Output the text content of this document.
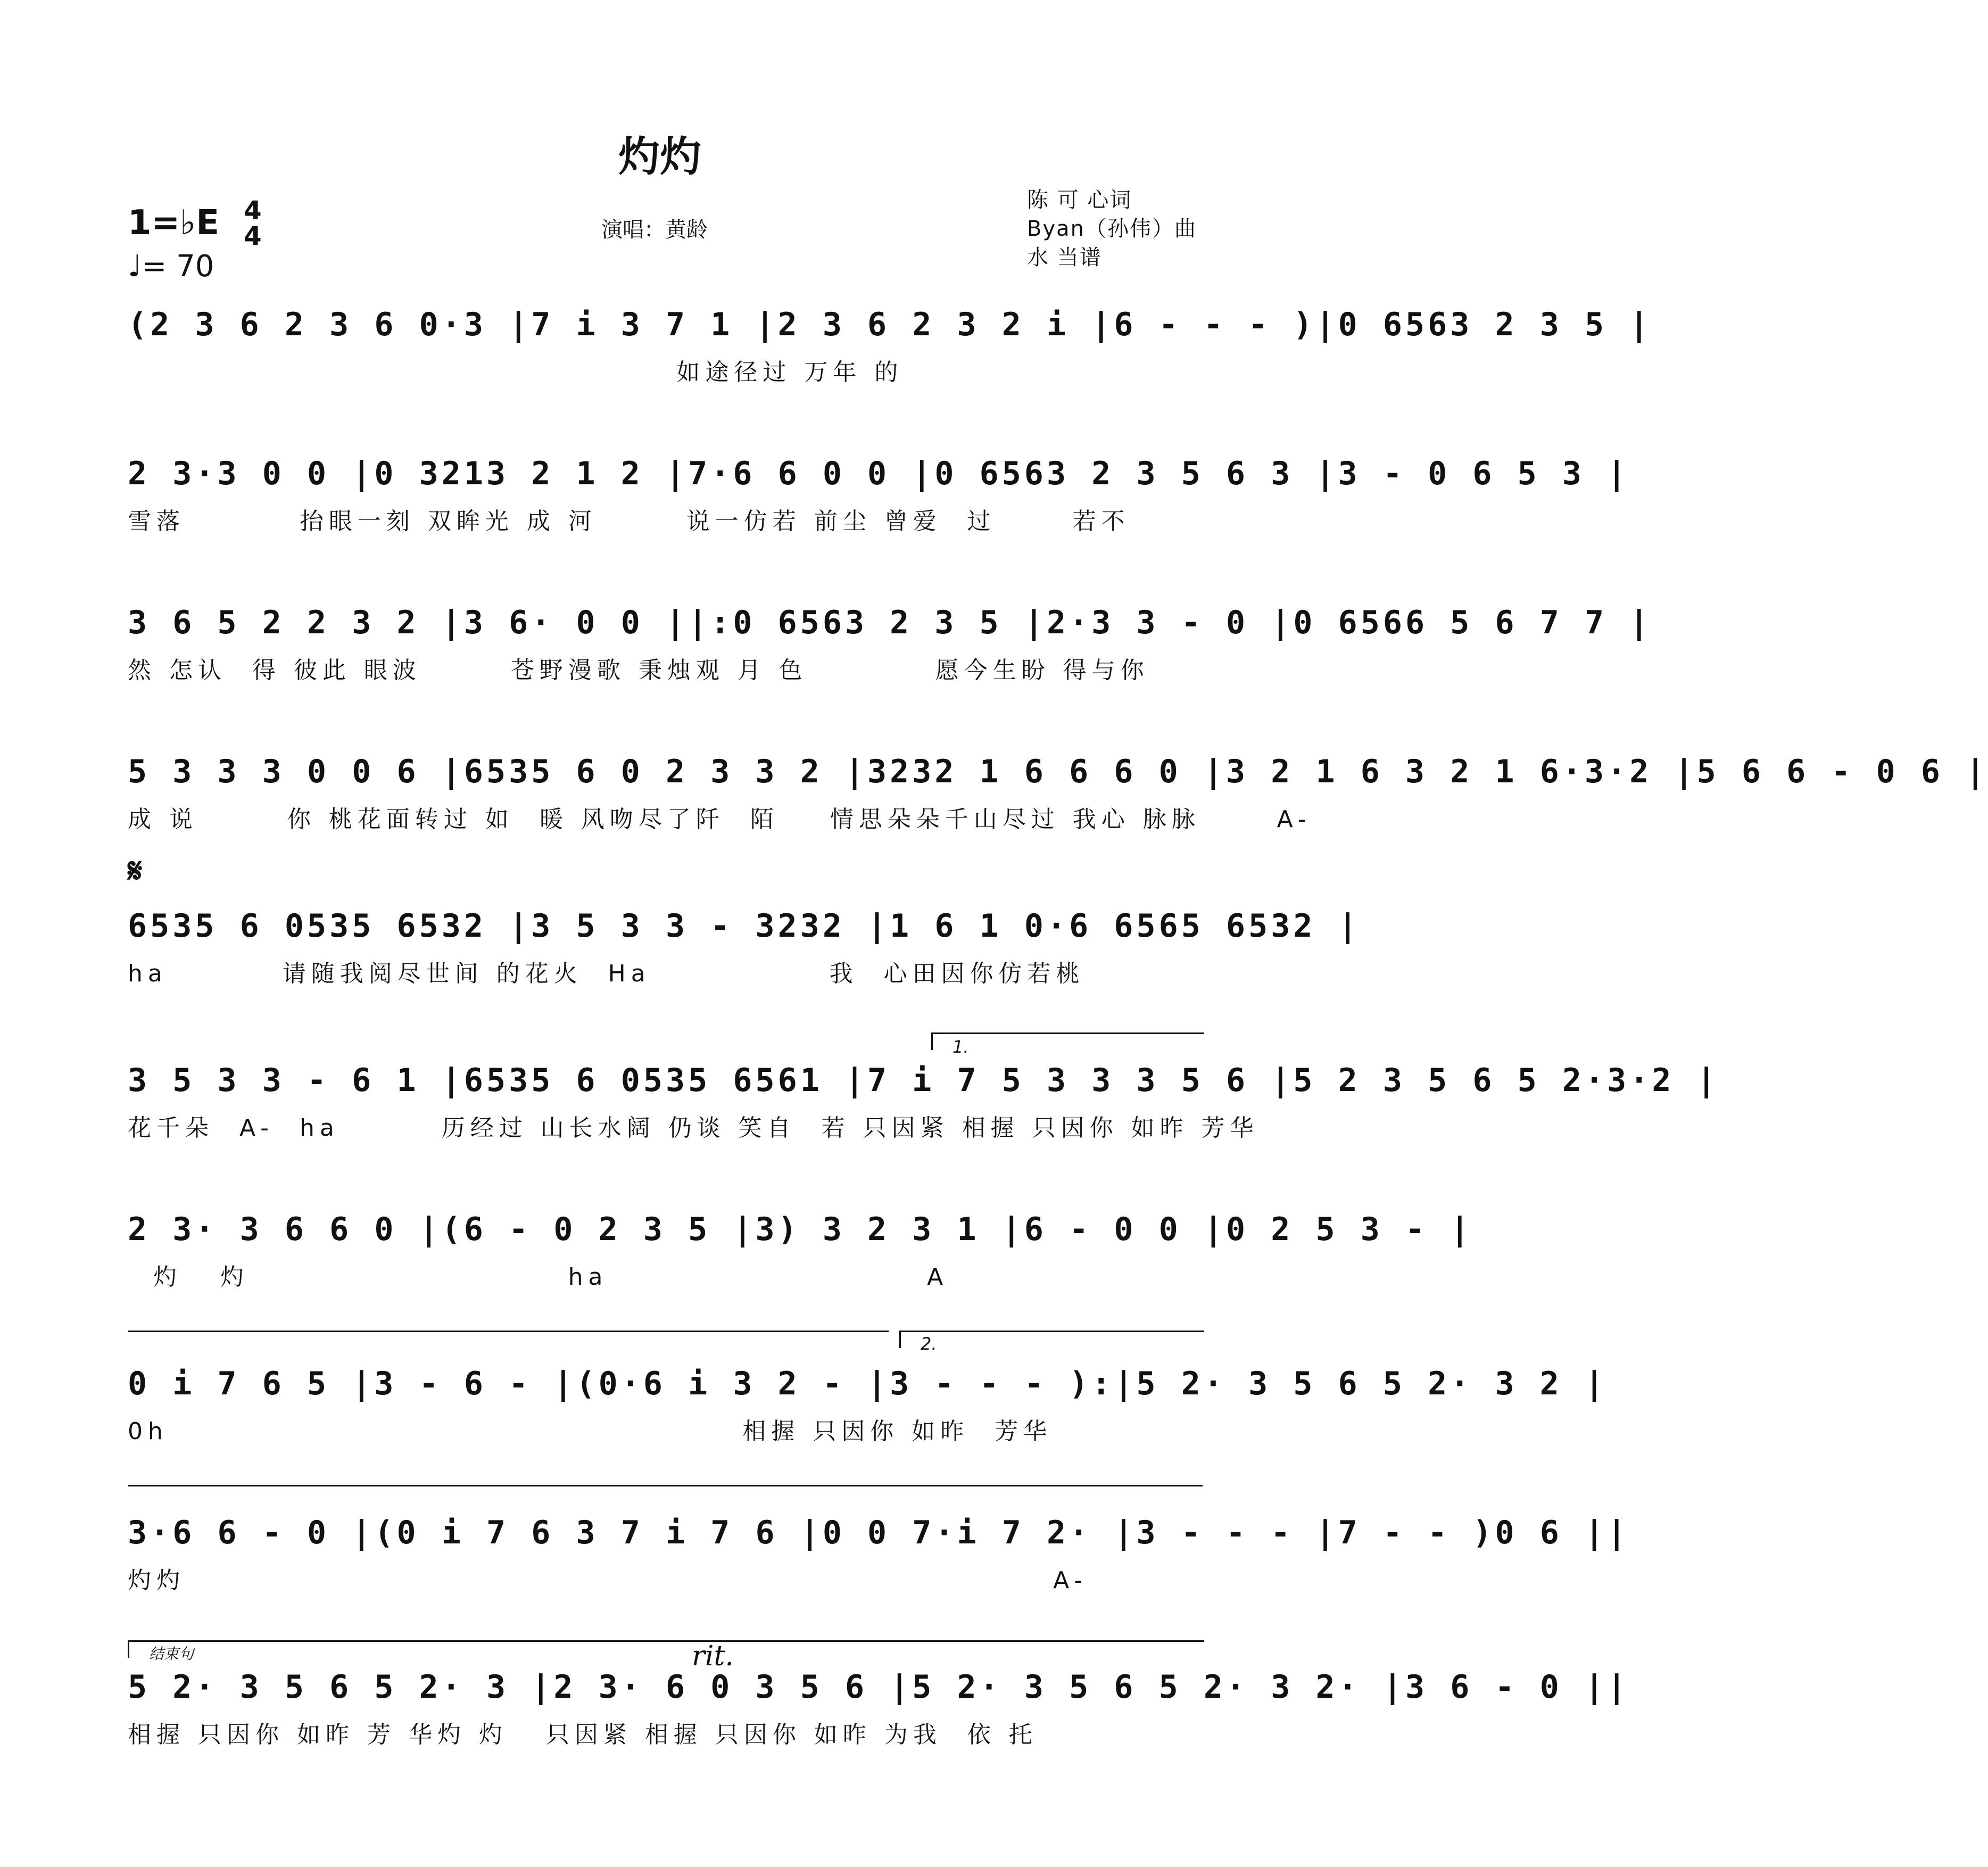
灼灼
1=♭E 4
4
♩= 70
演唱：黄龄
陈 可 心词
Byan（孙伟）曲
水 当谱
(2 3 6 2 3 6 0·3 |7 i 3 7 1 |2 3 6 2 3 2 i |6 - - - )|0 6563 2 3 5 |
如途径过 万年 的
2 3·3 0 0 |0 3213 2 1 2 |7·6 6 0 0 |0 6563 2 3 5 6 3 |3 - 0 6 5 3 |
雪落         抬眼一刻 双眸光 成 河       说一仿若 前尘 曾爱  过      若不
3 6 5 2 2 3 2 |3 6· 0 0 ||:0 6563 2 3 5 |2·3 3 - 0 |0 6566 5 6 7 7 |
然 怎认  得 彼此 眼波       苍野漫歌 秉烛观 月 色          愿今生盼 得与你
5 3 3 3 0 0 6 |6535 6 0 2 3 3 2 |3232 1 6 6 6 0 |3 2 1 6 3 2 1 6·3·2 |5 6 6 - 0 6 |
成 说       你 桃花面转过 如  暖 风吻尽了阡  陌    情思朵朵千山尽过 我心 脉脉      A-
𝄋
6535 6 0535 6532 |3 5 3 3 - 3232 |1 6 1 0·6 6565 6532 |
ha         请随我阅尽世间 的花火  Ha              我  心田因你仿若桃
1.
3 5 3 3 - 6 1 |6535 6 0535 6561 |7 i 7 5 3 3 3 5 6 |5 2 3 5 6 5 2·3·2 |
花千朵  A-  ha        历经过 山长水阔 仍谈 笑自  若 只因紧 相握 只因你 如昨 芳华
2 3· 3 6 6 0 |(6 - 0 2 3 5 |3) 3 2 3 1 |6 - 0 0 |0 2 5 3 - |
灼   灼                         ha                         A
2.
0 i 7 6 5 |3 - 6 - |(0·6 i 3 2 - |3 - - - ):|5 2· 3 5 6 5 2· 3 2 |
0h                                             相握 只因你 如昨  芳华
3·6 6 - 0 |(0 i 7 6 3 7 i 7 6 |0 0 7·i 7 2· |3 - - - |7 - - )0 6 ||
灼灼                                                                    A-
结束句	rit.
5 2· 3 5 6 5 2· 3 |2 3· 6 0 3 5 6 |5 2· 3 5 6 5 2· 3 2· |3 6 - 0 ||
相握 只因你 如昨 芳 华灼 灼   只因紧 相握 只因你 如昨 为我  依 托
